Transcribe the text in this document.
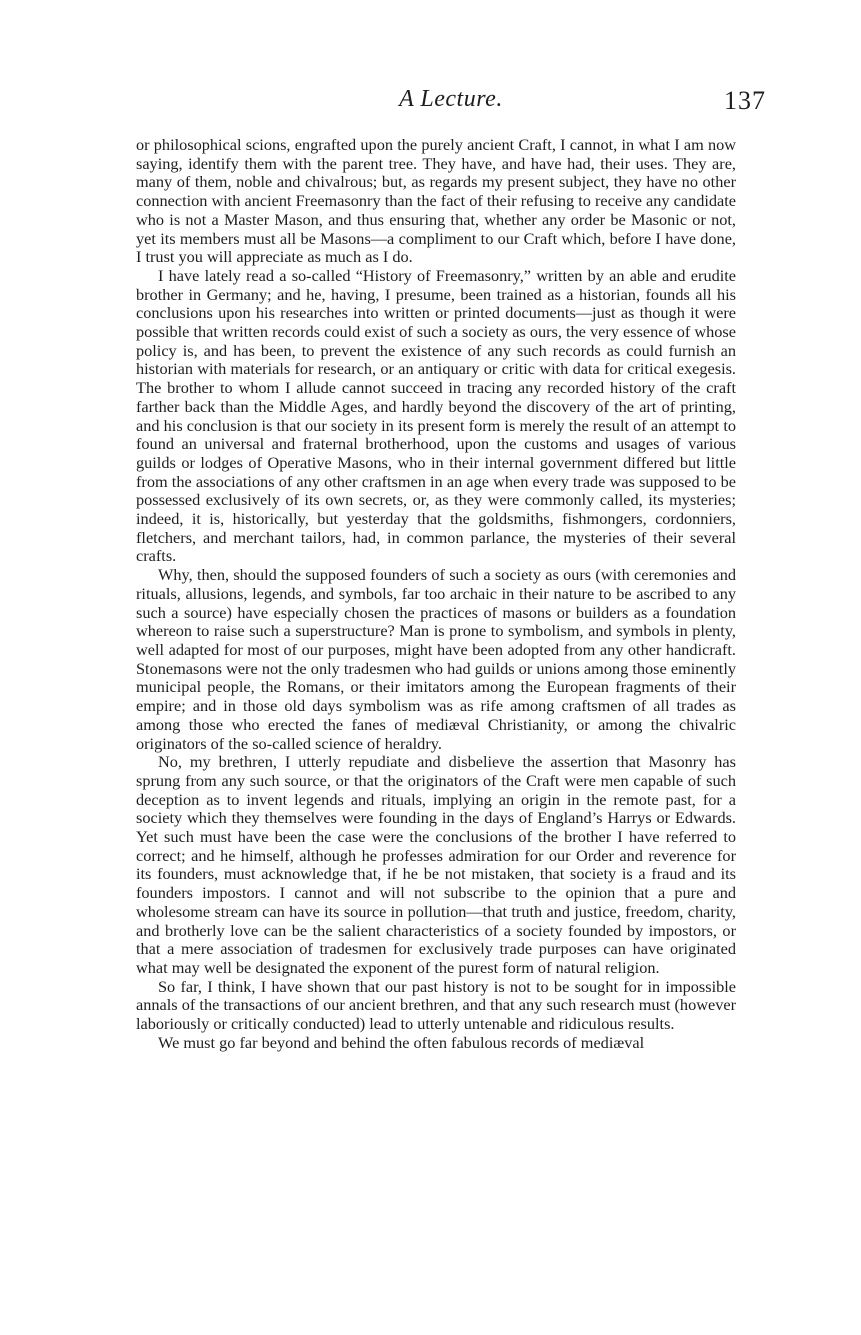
A Lecture.	137

or philosophical scions, engrafted upon the purely ancient Craft, I cannot, in what I am now saying, identify them with the parent tree. They have, and have had, their uses. They are, many of them, noble and chivalrous; but, as regards my present subject, they have no other connection with ancient Freemasonry than the fact of their refusing to receive any candidate who is not a Master Mason, and thus ensuring that, whether any order be Masonic or not, yet its members must all be Masons—a compliment to our Craft which, before I have done, I trust you will appreciate as much as I do.

I have lately read a so-called “History of Freemasonry,” written by an able and erudite brother in Germany; and he, having, I presume, been trained as a historian, founds all his conclusions upon his researches into written or printed documents—just as though it were possible that written records could exist of such a society as ours, the very essence of whose policy is, and has been, to prevent the existence of any such records as could furnish an historian with materials for research, or an antiquary or critic with data for critical exegesis. The brother to whom I allude cannot succeed in tracing any recorded history of the craft farther back than the Middle Ages, and hardly beyond the discovery of the art of printing, and his conclusion is that our society in its present form is merely the result of an attempt to found an universal and fraternal brotherhood, upon the customs and usages of various guilds or lodges of Operative Masons, who in their internal government differed but little from the associations of any other craftsmen in an age when every trade was supposed to be possessed exclusively of its own secrets, or, as they were commonly called, its mysteries; indeed, it is, historically, but yesterday that the goldsmiths, fishmongers, cordonniers, fletchers, and merchant tailors, had, in common parlance, the mysteries of their several crafts.

Why, then, should the supposed founders of such a society as ours (with ceremonies and rituals, allusions, legends, and symbols, far too archaic in their nature to be ascribed to any such a source) have especially chosen the practices of masons or builders as a foundation whereon to raise such a superstructure? Man is prone to symbolism, and symbols in plenty, well adapted for most of our purposes, might have been adopted from any other handicraft. Stonemasons were not the only tradesmen who had guilds or unions among those eminently municipal people, the Romans, or their imitators among the European fragments of their empire; and in those old days symbolism was as rife among craftsmen of all trades as among those who erected the fanes of mediæval Christianity, or among the chivalric originators of the so-called science of heraldry.

No, my brethren, I utterly repudiate and disbelieve the assertion that Masonry has sprung from any such source, or that the originators of the Craft were men capable of such deception as to invent legends and rituals, implying an origin in the remote past, for a society which they themselves were founding in the days of England’s Harrys or Edwards. Yet such must have been the case were the conclusions of the brother I have referred to correct; and he himself, although he professes admiration for our Order and reverence for its founders, must acknowledge that, if he be not mistaken, that society is a fraud and its founders impostors. I cannot and will not subscribe to the opinion that a pure and wholesome stream can have its source in pollution—that truth and justice, freedom, charity, and brotherly love can be the salient characteristics of a society founded by impostors, or that a mere association of tradesmen for exclusively trade purposes can have originated what may well be designated the exponent of the purest form of natural religion.

So far, I think, I have shown that our past history is not to be sought for in impossible annals of the transactions of our ancient brethren, and that any such research must (however laboriously or critically conducted) lead to utterly untenable and ridiculous results.

We must go far beyond and behind the often fabulous records of mediæval
